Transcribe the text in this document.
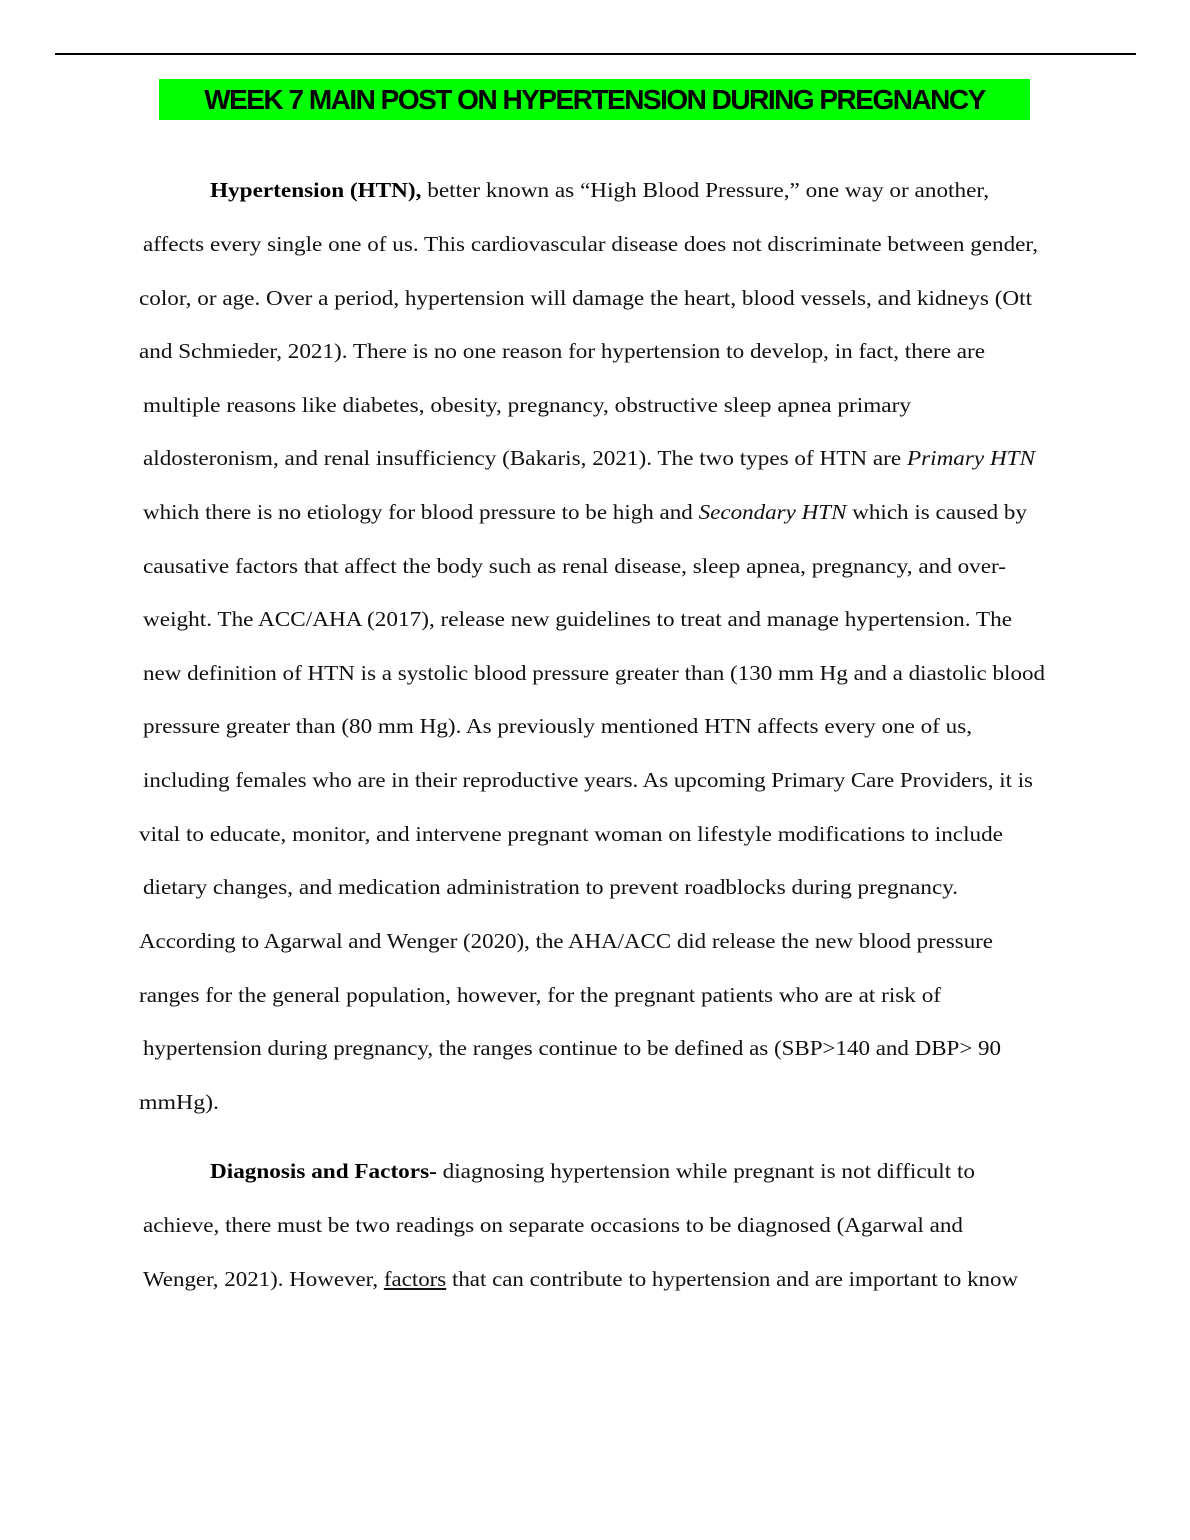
WEEK 7 MAIN POST ON HYPERTENSION DURING PREGNANCY
Hypertension (HTN), better known as “High Blood Pressure,” one way or another,
affects every single one of us. This cardiovascular disease does not discriminate between gender,
color, or age. Over a period, hypertension will damage the heart, blood vessels, and kidneys (Ott
and Schmieder, 2021). There is no one reason for hypertension to develop, in fact, there are
multiple reasons like diabetes, obesity, pregnancy, obstructive sleep apnea primary
aldosteronism, and renal insufficiency (Bakaris, 2021). The two types of HTN are Primary HTN
which there is no etiology for blood pressure to be high and Secondary HTN which is caused by
causative factors that affect the body such as renal disease, sleep apnea, pregnancy, and over-
weight. The ACC/AHA (2017), release new guidelines to treat and manage hypertension. The
new definition of HTN is a systolic blood pressure greater than (130 mm Hg and a diastolic blood
pressure greater than (80 mm Hg). As previously mentioned HTN affects every one of us,
including females who are in their reproductive years. As upcoming Primary Care Providers, it is
vital to educate, monitor, and intervene pregnant woman on lifestyle modifications to include
dietary changes, and medication administration to prevent roadblocks during pregnancy.
According to Agarwal and Wenger (2020), the AHA/ACC did release the new blood pressure
ranges for the general population, however, for the pregnant patients who are at risk of
hypertension during pregnancy, the ranges continue to be defined as (SBP>140 and DBP> 90
mmHg).
Diagnosis and Factors- diagnosing hypertension while pregnant is not difficult to
achieve, there must be two readings on separate occasions to be diagnosed (Agarwal and
Wenger, 2021). However, factors that can contribute to hypertension and are important to know
